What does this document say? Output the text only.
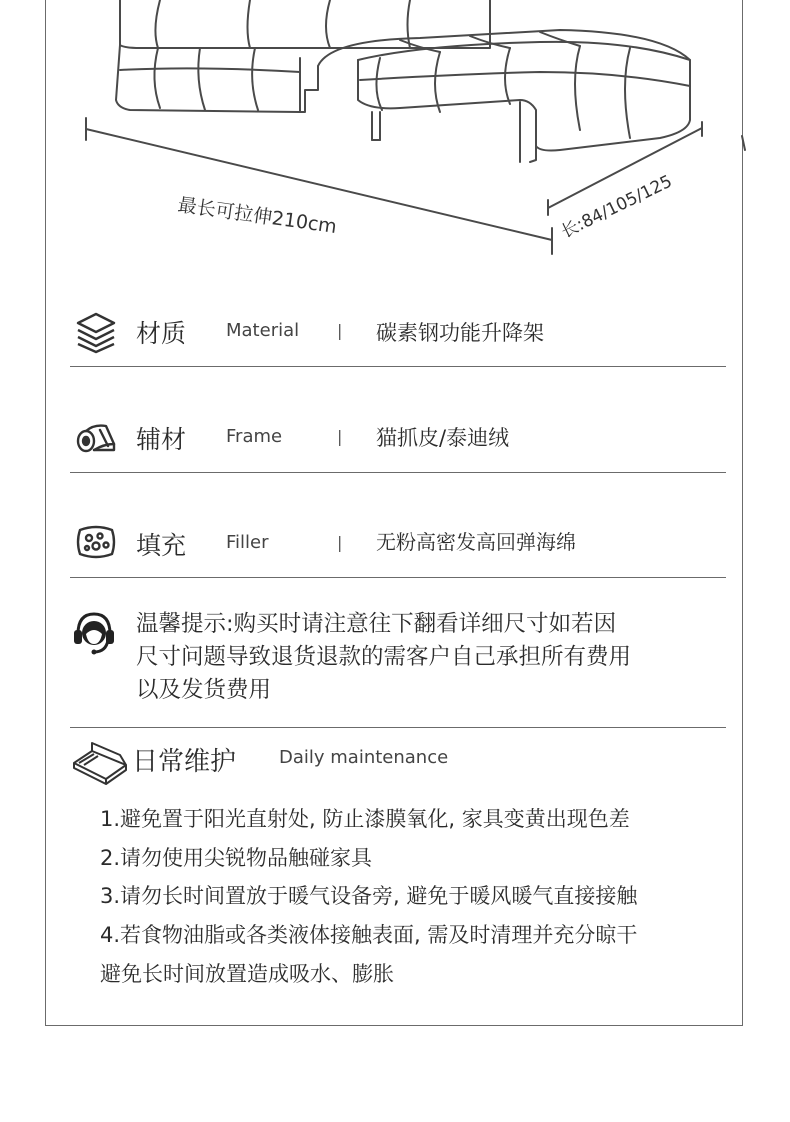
最长可拉伸210cm	长:84/105/125
材质 Material | 碳素钢功能升降架
辅材 Frame	| 猫抓皮/泰迪绒
填充 Filler	| 无粉高密发高回弹海绵
温馨提示:购买时请注意往下翻看详细尺寸如若因
尺寸问题导致退货退款的需客户自己承担所有费用
以及发货费用
日常维护 Daily maintenance
1.避免置于阳光直射处, 防止漆膜氧化, 家具变黄出现色差
2.请勿使用尖锐物品触碰家具
3.请勿长时间置放于暖气设备旁, 避免于暖风暖气直接接触
4.若食物油脂或各类液体接触表面, 需及时清理并充分晾干
避免长时间放置造成吸水、膨胀
